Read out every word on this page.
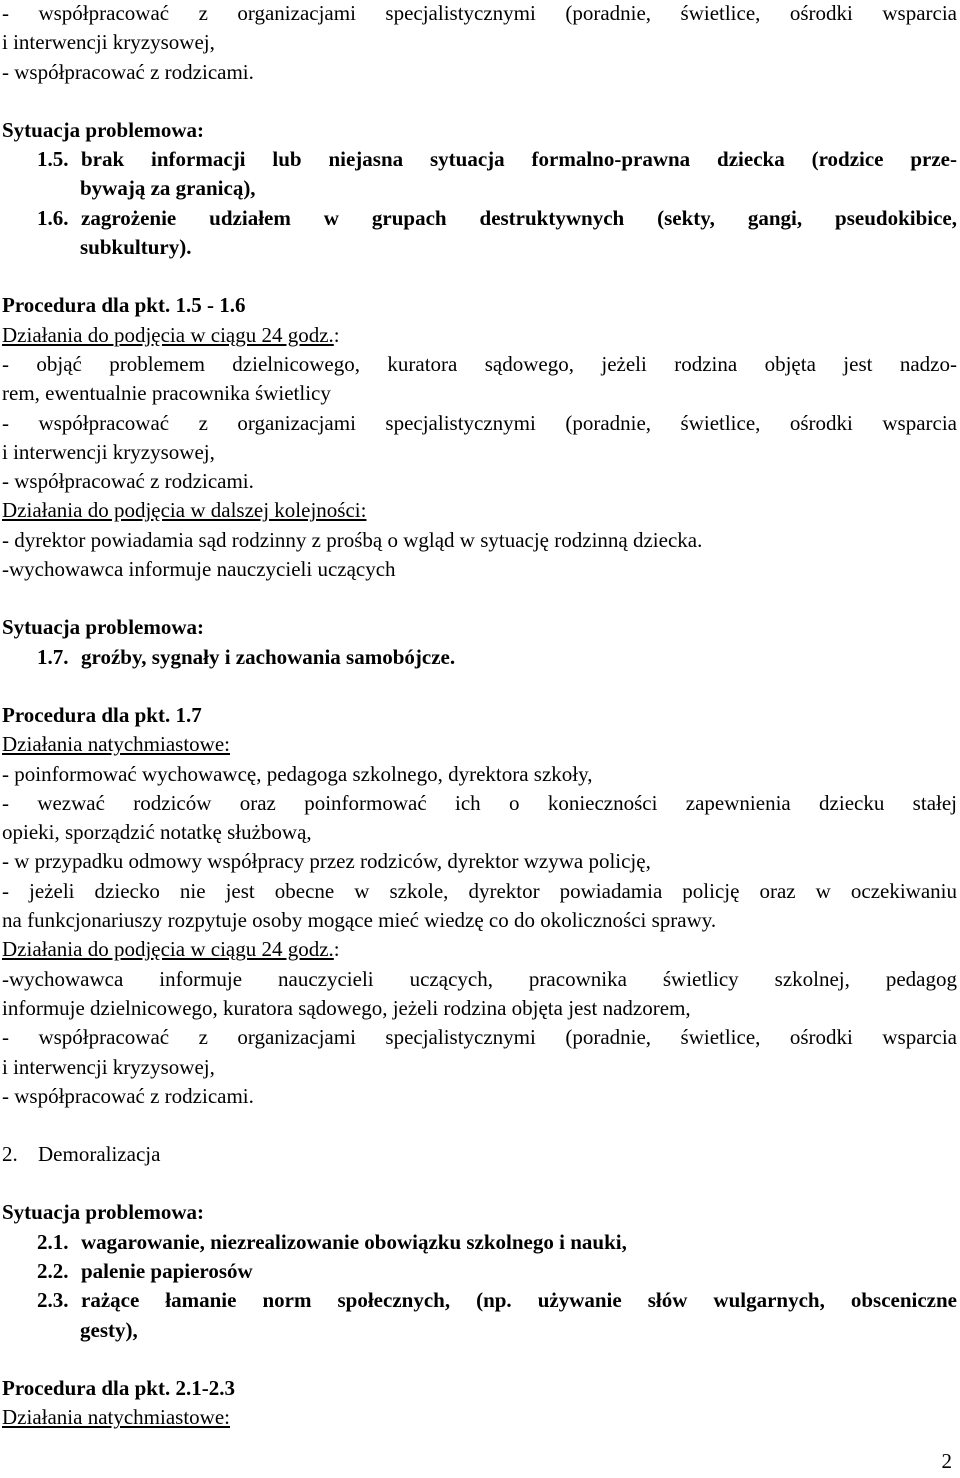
- współpracować z organizacjami specjalistycznymi (poradnie, świetlice, ośrodki wsparcia
i interwencji kryzysowej,
- współpracować z rodzicami.
Sytuacja problemowa:
1.5. brak informacji lub niejasna sytuacja formalno-prawna dziecka (rodzice prze-
bywają za granicą),
1.6. zagrożenie udziałem w grupach destruktywnych (sekty, gangi, pseudokibice,
subkultury).
Procedura dla pkt. 1.5 - 1.6
Działania do podjęcia w ciągu 24 godz.:
- objąć problemem dzielnicowego, kuratora sądowego, jeżeli rodzina objęta jest nadzo-
rem, ewentualnie pracownika świetlicy
- współpracować z organizacjami specjalistycznymi (poradnie, świetlice, ośrodki wsparcia
i interwencji kryzysowej,
- współpracować z rodzicami.
Działania do podjęcia w dalszej kolejności:
- dyrektor powiadamia sąd rodzinny z prośbą o wgląd w sytuację rodzinną dziecka.
-wychowawca informuje nauczycieli uczących
Sytuacja problemowa:
1.7. groźby, sygnały i zachowania samobójcze.
Procedura dla pkt. 1.7
Działania natychmiastowe:
- poinformować wychowawcę, pedagoga szkolnego, dyrektora szkoły,
- wezwać rodziców oraz poinformować ich o konieczności zapewnienia dziecku stałej
opieki, sporządzić notatkę służbową,
- w przypadku odmowy współpracy przez rodziców, dyrektor wzywa policję,
- jeżeli dziecko nie jest obecne w szkole, dyrektor powiadamia policję oraz w oczekiwaniu
na funkcjonariuszy rozpytuje osoby mogące mieć wiedzę co do okoliczności sprawy.
Działania do podjęcia w ciągu 24 godz.:
-wychowawca informuje nauczycieli uczących, pracownika świetlicy szkolnej, pedagog
informuje dzielnicowego, kuratora sądowego, jeżeli rodzina objęta jest nadzorem,
- współpracować z organizacjami specjalistycznymi (poradnie, świetlice, ośrodki wsparcia
i interwencji kryzysowej,
- współpracować z rodzicami.
2. Demoralizacja
Sytuacja problemowa:
2.1. wagarowanie, niezrealizowanie obowiązku szkolnego i nauki,
2.2. palenie papierosów
2.3. rażące łamanie norm społecznych, (np. używanie słów wulgarnych, obsceniczne
gesty),
Procedura dla pkt. 2.1-2.3
Działania natychmiastowe:
2
